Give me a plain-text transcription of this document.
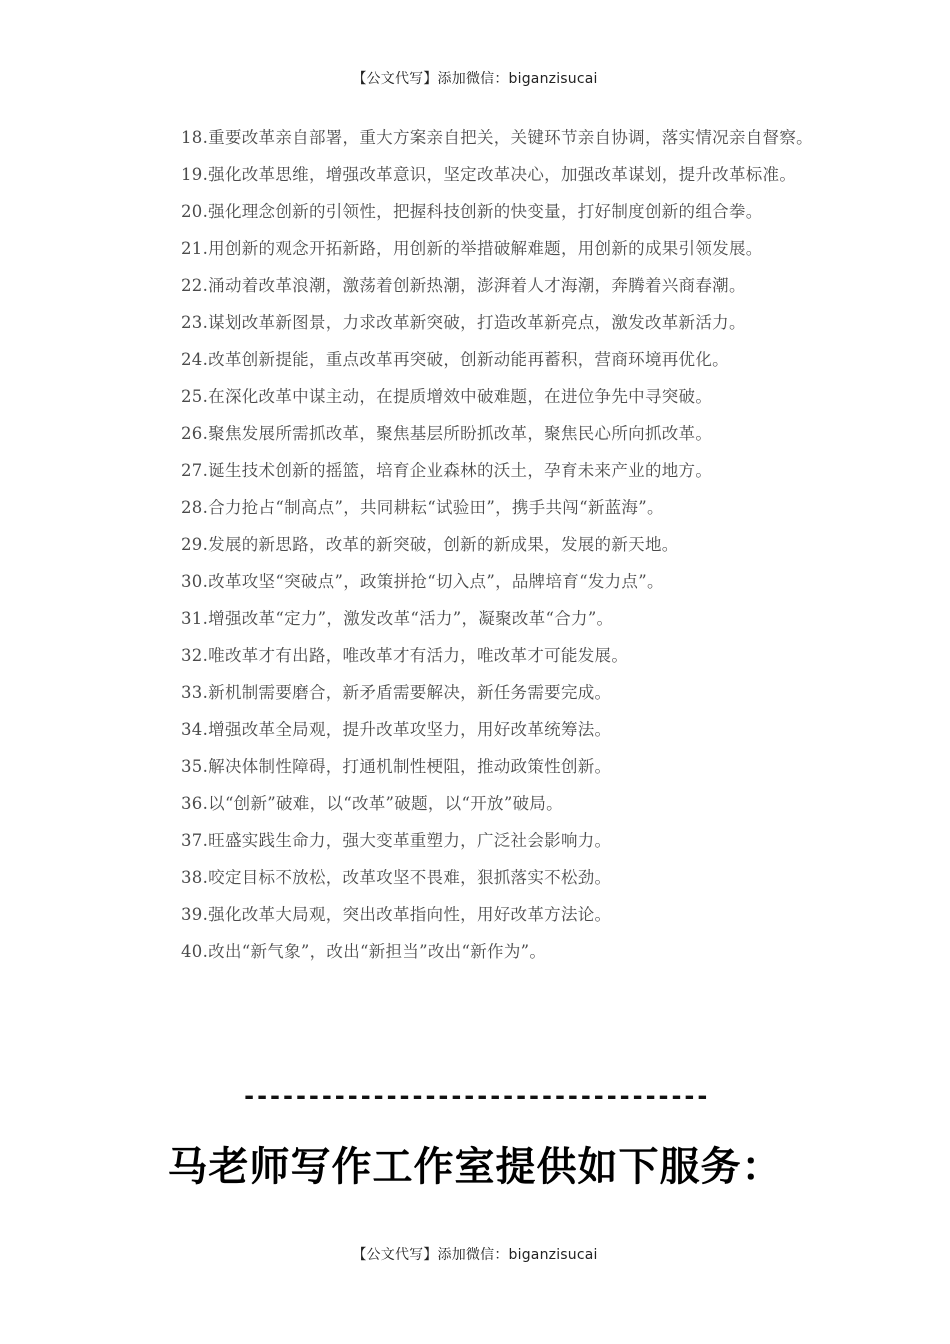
【公文代写】添加微信：biganzisucai

18.重要改革亲自部署，重大方案亲自把关，关键环节亲自协调，落实情况亲自督察。

19.强化改革思维，增强改革意识，坚定改革决心，加强改革谋划，提升改革标准。

20.强化理念创新的引领性，把握科技创新的快变量，打好制度创新的组合拳。

21.用创新的观念开拓新路，用创新的举措破解难题，用创新的成果引领发展。

22.涌动着改革浪潮，激荡着创新热潮，澎湃着人才海潮，奔腾着兴商春潮。

23.谋划改革新图景，力求改革新突破，打造改革新亮点，激发改革新活力。

24.改革创新提能，重点改革再突破，创新动能再蓄积，营商环境再优化。

25.在深化改革中谋主动，在提质增效中破难题，在进位争先中寻突破。

26.聚焦发展所需抓改革，聚焦基层所盼抓改革，聚焦民心所向抓改革。

27.诞生技术创新的摇篮，培育企业森林的沃土，孕育未来产业的地方。

28.合力抢占“制高点”，共同耕耘“试验田”，携手共闯“新蓝海”。

29.发展的新思路，改革的新突破，创新的新成果，发展的新天地。

30.改革攻坚“突破点”，政策拼抢“切入点”，品牌培育“发力点”。

31.增强改革“定力”，激发改革“活力”，凝聚改革“合力”。

32.唯改革才有出路，唯改革才有活力，唯改革才可能发展。

33.新机制需要磨合，新矛盾需要解决，新任务需要完成。

34.增强改革全局观，提升改革攻坚力，用好改革统筹法。

35.解决体制性障碍，打通机制性梗阻，推动政策性创新。

36.以“创新”破难，以“改革”破题，以“开放”破局。

37.旺盛实践生命力，强大变革重塑力，广泛社会影响力。

38.咬定目标不放松，改革攻坚不畏难，狠抓落实不松劲。

39.强化改革大局观，突出改革指向性，用好改革方法论。

40.改出“新气象”，改出“新担当”改出“新作为”。

------------------------------------
马老师写作工作室提供如下服务：
【公文代写】添加微信：biganzisucai
